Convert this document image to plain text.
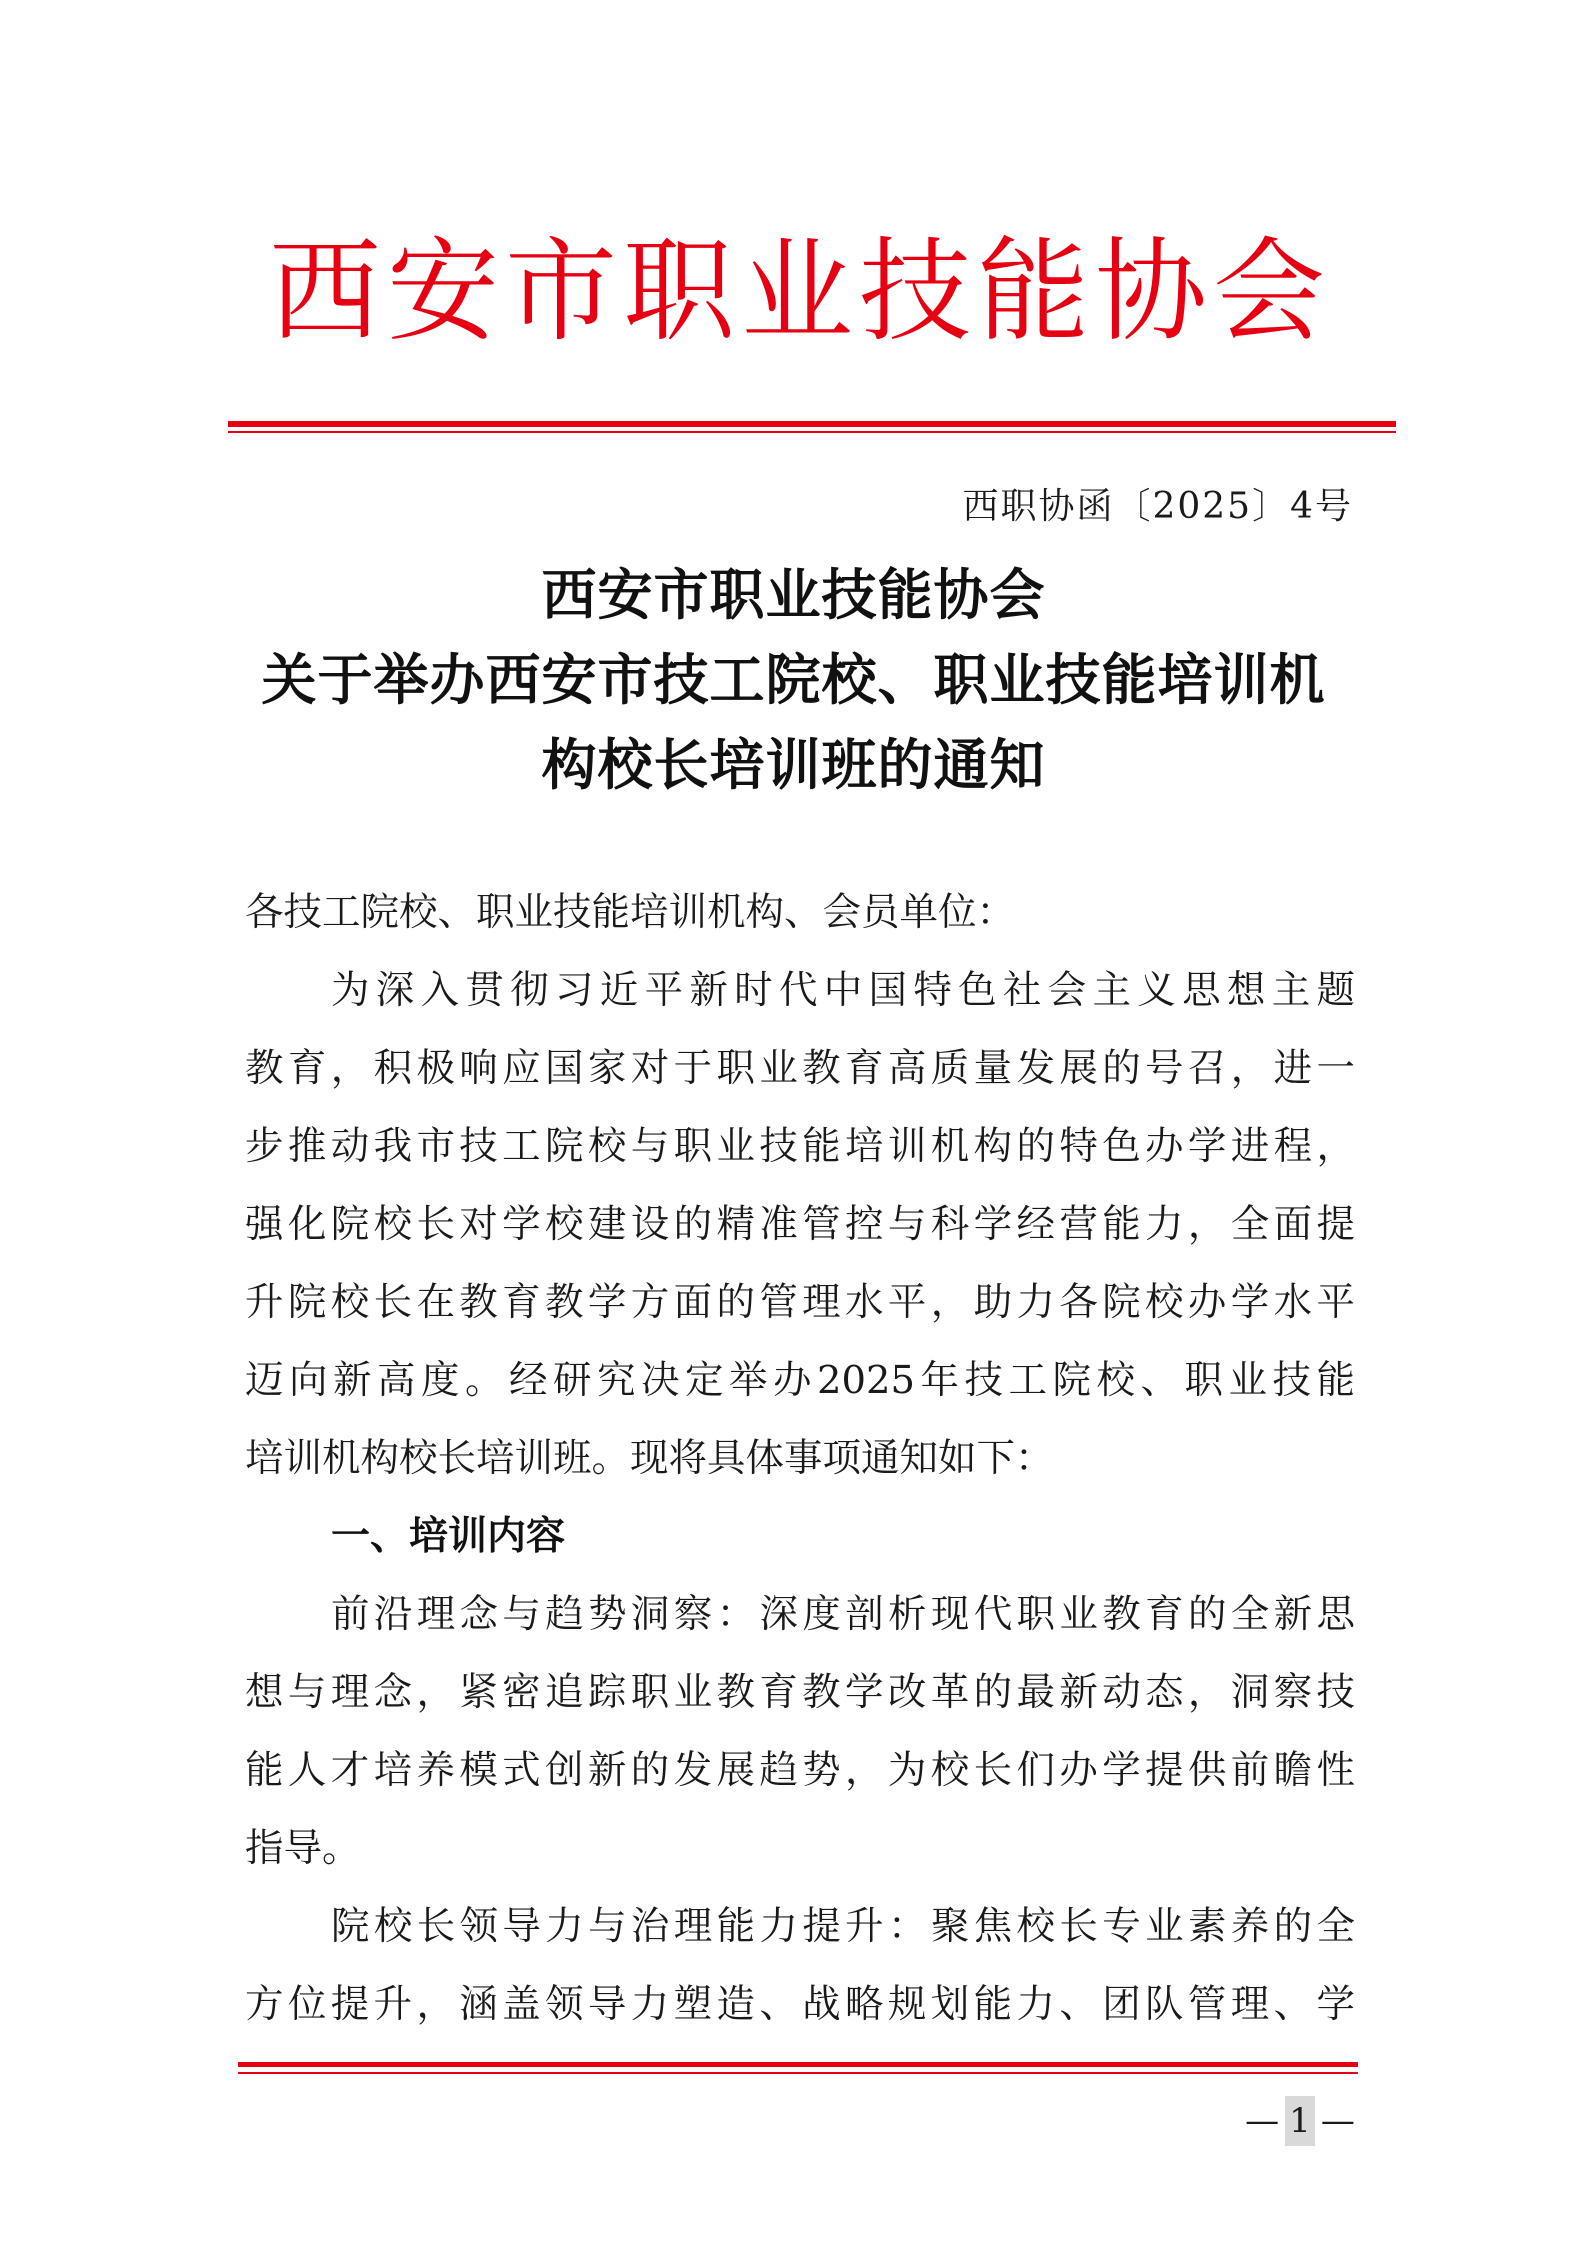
西安市职业技能协会
西职协函〔2025〕4号
西安市职业技能协会
关于举办西安市技工院校、职业技能培训机
构校长培训班的通知
各技工院校、职业技能培训机构、会员单位：
为深入贯彻习近平新时代中国特色社会主义思想主题
教育，积极响应国家对于职业教育高质量发展的号召，进一
步推动我市技工院校与职业技能培训机构的特色办学进程，
强化院校长对学校建设的精准管控与科学经营能力，全面提
升院校长在教育教学方面的管理水平，助力各院校办学水平
迈向新高度。经研究决定举办2025年技工院校、职业技能
培训机构校长培训班。现将具体事项通知如下：
一、培训内容
前沿理念与趋势洞察：深度剖析现代职业教育的全新思
想与理念，紧密追踪职业教育教学改革的最新动态，洞察技
能人才培养模式创新的发展趋势，为校长们办学提供前瞻性
指导。
院校长领导力与治理能力提升：聚焦校长专业素养的全
方位提升，涵盖领导力塑造、战略规划能力、团队管理、学
— 1 —
